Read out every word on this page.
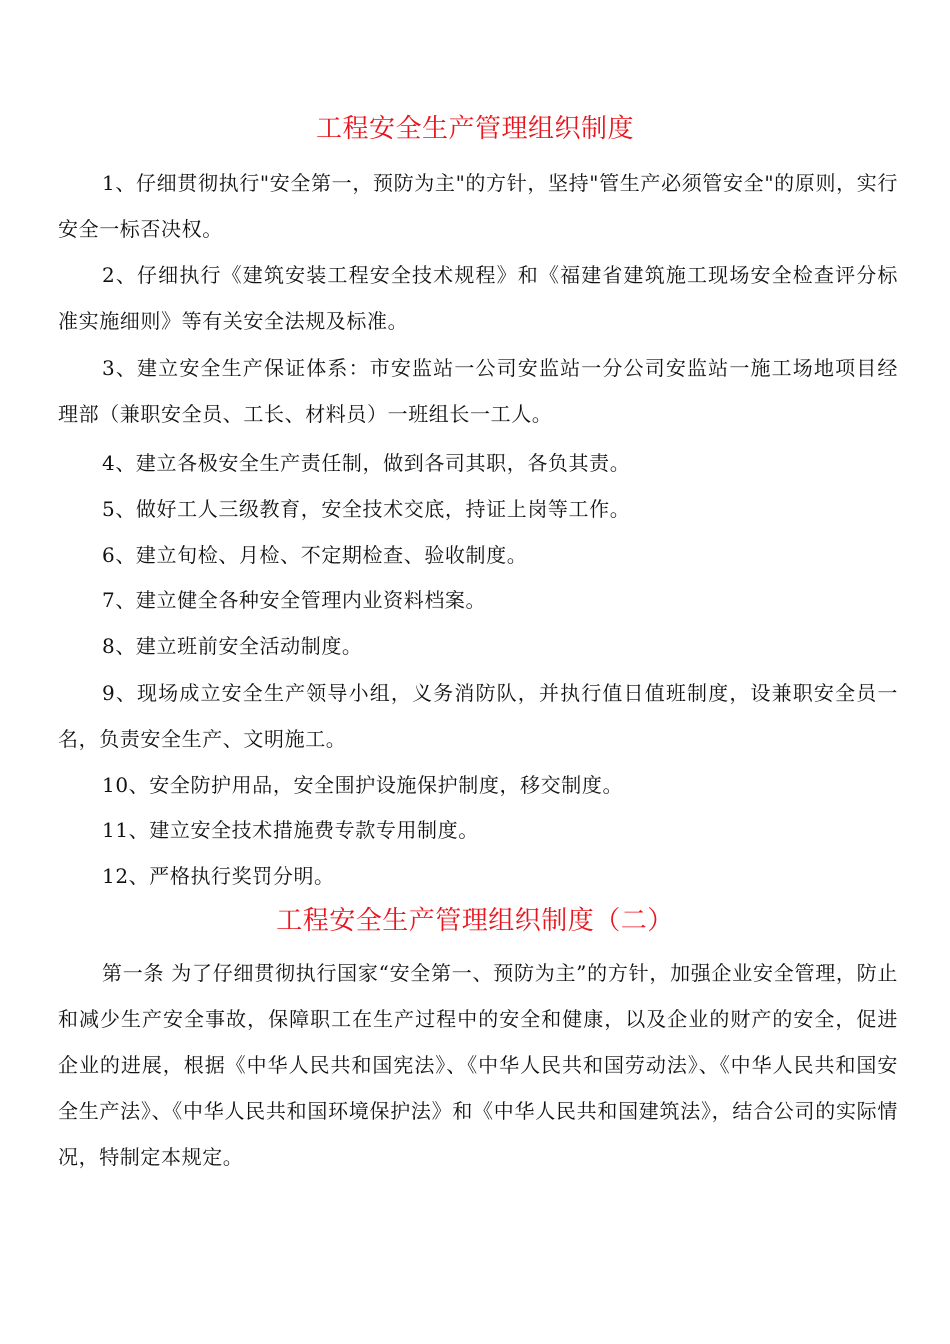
工程安全生产管理组织制度
1、仔细贯彻执行"安全第一，预防为主"的方针，坚持"管生产必须管安全"的原则，实行安全一标否决权。
2、仔细执行《建筑安装工程安全技术规程》和《福建省建筑施工现场安全检查评分标准实施细则》等有关安全法规及标准。
3、建立安全生产保证体系：市安监站一公司安监站一分公司安监站一施工场地项目经理部（兼职安全员、工长、材料员）一班组长一工人。
4、建立各极安全生产责任制，做到各司其职，各负其责。
5、做好工人三级教育，安全技术交底，持证上岗等工作。
6、建立旬检、月检、不定期检查、验收制度。
7、建立健全各种安全管理内业资料档案。
8、建立班前安全活动制度。
9、现场成立安全生产领导小组，义务消防队，并执行值日值班制度，设兼职安全员一名，负责安全生产、文明施工。
10、安全防护用品，安全围护设施保护制度，移交制度。
11、建立安全技术措施费专款专用制度。
12、严格执行奖罚分明。
工程安全生产管理组织制度（二）
第一条 为了仔细贯彻执行国家“安全第一、预防为主”的方针，加强企业安全管理，防止和减少生产安全事故，保障职工在生产过程中的安全和健康，以及企业的财产的安全，促进企业的进展，根据《中华人民共和国宪法》、《中华人民共和国劳动法》、《中华人民共和国安全生产法》、《中华人民共和国环境保护法》和《中华人民共和国建筑法》，结合公司的实际情况，特制定本规定。
